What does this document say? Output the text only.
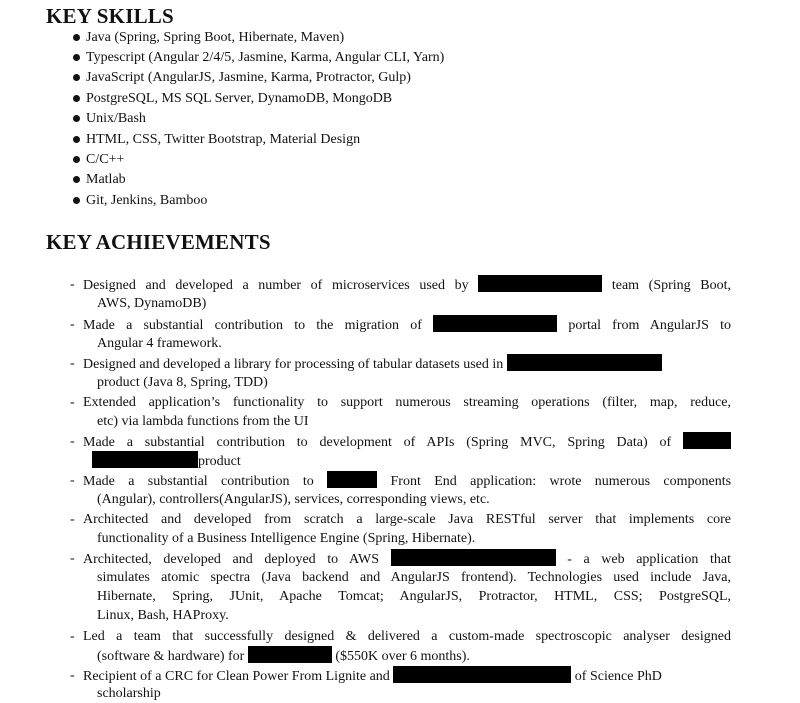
KEY SKILLS
Java (Spring, Spring Boot, Hibernate, Maven)
Typescript (Angular 2/4/5, Jasmine, Karma, Angular CLI, Yarn)
JavaScript (AngularJS, Jasmine, Karma, Protractor, Gulp)
PostgreSQL, MS SQL Server, DynamoDB, MongoDB
Unix/Bash
HTML, CSS, Twitter Bootstrap, Material Design
C/C++
Matlab
Git, Jenkins, Bamboo
KEY ACHIEVEMENTS
- Designed and developed a number of microservices used by	team (Spring Boot,
AWS, DynamoDB)
- Made a substantial contribution to the migration of	portal from AngularJS to
Angular 4 framework.
- Designed and developed a library for processing of tabular datasets used in
product (Java 8, Spring, TDD)
- Extended application’s functionality to support numerous streaming operations (filter, map, reduce,
etc) via lambda functions from the UI
- Made a substantial contribution to development of APIs (Spring MVC, Spring Data) of
product
- Made a substantial contribution to	Front End application: wrote numerous components
(Angular), controllers(AngularJS), services, corresponding views, etc.
- Architected and developed from scratch a large-scale Java RESTful server that implements core
functionality of a Business Intelligence Engine (Spring, Hibernate).
- Architected, developed and deployed to AWS	- a web application that
simulates atomic spectra (Java backend and AngularJS frontend). Technologies used include Java,
Hibernate, Spring, JUnit, Apache Tomcat; AngularJS, Protractor, HTML, CSS; PostgreSQL,
Linux, Bash, HAProxy.
- Led a team that successfully designed & delivered a custom-made spectroscopic analyser designed
(software & hardware) for	($550K over 6 months).
- Recipient of a CRC for Clean Power From Lignite and	of Science PhD
scholarship
